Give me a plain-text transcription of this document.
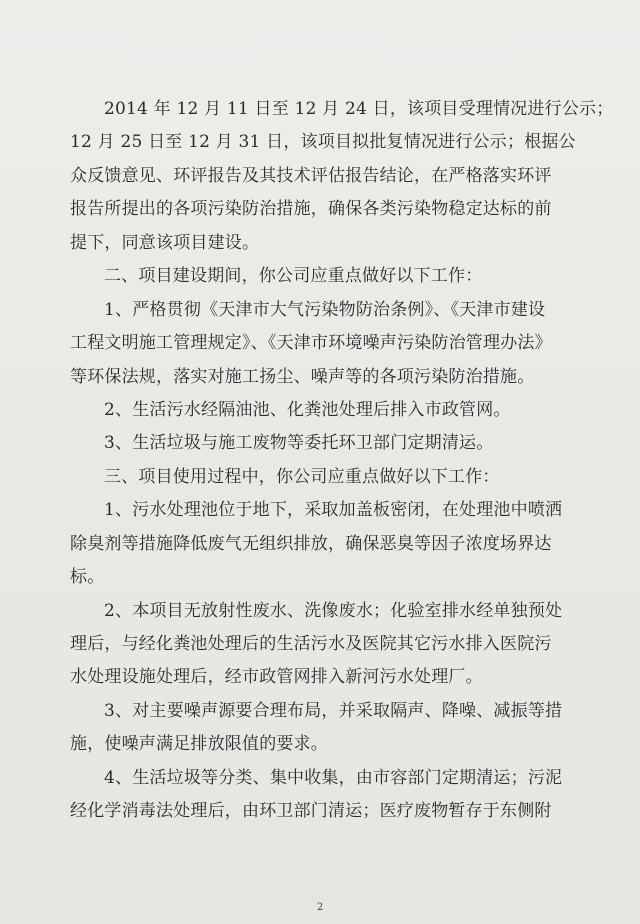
2014 年 12 月 11 日至 12 月 24 日，该项目受理情况进行公示；
12 月 25 日至 12 月 31 日，该项目拟批复情况进行公示；根据公
众反馈意见、环评报告及其技术评估报告结论，在严格落实环评
报告所提出的各项污染防治措施，确保各类污染物稳定达标的前
提下，同意该项目建设。
二、项目建设期间，你公司应重点做好以下工作：
1、严格贯彻《天津市大气污染物防治条例》、《天津市建设
工程文明施工管理规定》、《天津市环境噪声污染防治管理办法》
等环保法规，落实对施工扬尘、噪声等的各项污染防治措施。
2、生活污水经隔油池、化粪池处理后排入市政管网。
3、生活垃圾与施工废物等委托环卫部门定期清运。
三、项目使用过程中，你公司应重点做好以下工作：
1、污水处理池位于地下，采取加盖板密闭，在处理池中喷洒
除臭剂等措施降低废气无组织排放，确保恶臭等因子浓度场界达
标。
2、本项目无放射性废水、洗像废水；化验室排水经单独预处
理后，与经化粪池处理后的生活污水及医院其它污水排入医院污
水处理设施处理后，经市政管网排入新河污水处理厂。
3、对主要噪声源要合理布局，并采取隔声、降噪、减振等措
施，使噪声满足排放限值的要求。
4、生活垃圾等分类、集中收集，由市容部门定期清运；污泥
经化学消毒法处理后，由环卫部门清运；医疗废物暂存于东侧附
2
